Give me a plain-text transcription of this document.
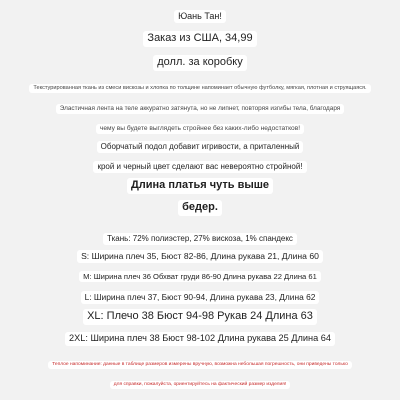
Юань Тан!
Заказ из США, 34,99
долл. за коробку
Текстурированная ткань из смеси вискозы и хлопка по толщине напоминает обычную футболку, мягкая, плотная и струящаяся.
Эластичная лента на теле аккуратно затянута, но не липнет, повторяя изгибы тела, благодаря
чему вы будете выглядеть стройнее без каких-либо недостатков!
Оборчатый подол добавит игривости, а приталенный
крой и черный цвет сделают вас невероятно стройной!
Длина платья чуть выше
бедер.
Ткань: 72% полиэстер, 27% вискоза, 1% спандекс
S: Ширина плеч 35, Бюст 82-86, Длина рукава 21, Длина 60
M: Ширина плеч 36 Обхват груди 86-90 Длина рукава 22 Длина 61
L: Ширина плеч 37, Бюст 90-94, Длина рукава 23, Длина 62
XL: Плечо 38 Бюст 94-98 Рукав 24 Длина 63
2XL: Ширина плеч 38 Бюст 98-102 Длина рукава 25 Длина 64
Теплое напоминание: данные в таблице размеров измерены вручную, возможна небольшая погрешность, они приведены только
для справки, пожалуйста, ориентируйтесь на фактический размер изделия!
